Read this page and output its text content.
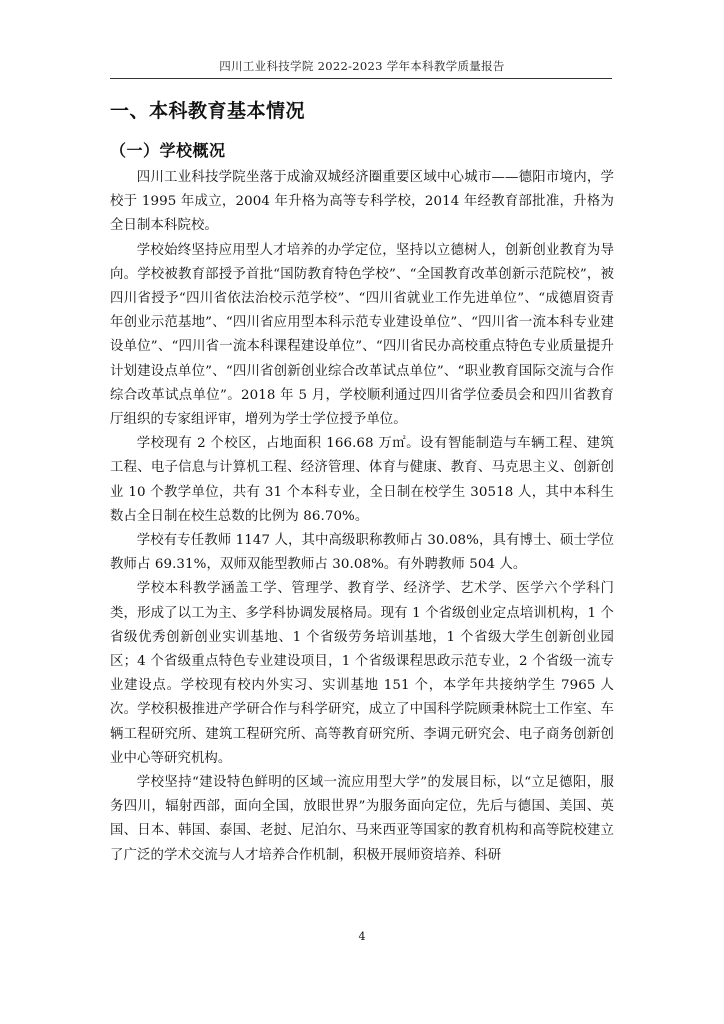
四川工业科技学院 2022-2023 学年本科教学质量报告
一、本科教育基本情况
（一）学校概况

四川工业科技学院坐落于成渝双城经济圈重要区域中心城市——德阳市境内，学校于 1995 年成立，2004 年升格为高等专科学校，2014 年经教育部批准，升格为全日制本科院校。

学校始终坚持应用型人才培养的办学定位，坚持以立德树人，创新创业教育为导向。学校被教育部授予首批“国防教育特色学校”、“全国教育改革创新示范院校”，被四川省授予“四川省依法治校示范学校”、“四川省就业工作先进单位”、“成德眉资青年创业示范基地”、“四川省应用型本科示范专业建设单位”、“四川省一流本科专业建设单位”、“四川省一流本科课程建设单位”、“四川省民办高校重点特色专业质量提升计划建设点单位”、“四川省创新创业综合改革试点单位”、“职业教育国际交流与合作综合改革试点单位”。2018 年 5 月，学校顺利通过四川省学位委员会和四川省教育厅组织的专家组评审，增列为学士学位授予单位。

学校现有 2 个校区，占地面积 166.68 万㎡。设有智能制造与车辆工程、建筑工程、电子信息与计算机工程、经济管理、体育与健康、教育、马克思主义、创新创业 10 个教学单位，共有 31 个本科专业，全日制在校学生 30518 人，其中本科生数占全日制在校生总数的比例为 86.70%。

学校有专任教师 1147 人，其中高级职称教师占 30.08%，具有博士、硕士学位教师占 69.31%，双师双能型教师占 30.08%。有外聘教师 504 人。

学校本科教学涵盖工学、管理学、教育学、经济学、艺术学、医学六个学科门类，形成了以工为主、多学科协调发展格局。现有 1 个省级创业定点培训机构，1 个省级优秀创新创业实训基地、1 个省级劳务培训基地，1 个省级大学生创新创业园区；4 个省级重点特色专业建设项目，1 个省级课程思政示范专业，2 个省级一流专业建设点。学校现有校内外实习、实训基地 151 个，本学年共接纳学生 7965 人次。学校积极推进产学研合作与科学研究，成立了中国科学院顾秉林院士工作室、车辆工程研究所、建筑工程研究所、高等教育研究所、李调元研究会、电子商务创新创业中心等研究机构。

学校坚持“建设特色鲜明的区域一流应用型大学”的发展目标，以“立足德阳，服务四川，辐射西部，面向全国，放眼世界”为服务面向定位，先后与德国、美国、英国、日本、韩国、泰国、老挝、尼泊尔、马来西亚等国家的教育机构和高等院校建立了广泛的学术交流与人才培养合作机制，积极开展师资培养、科研

4
